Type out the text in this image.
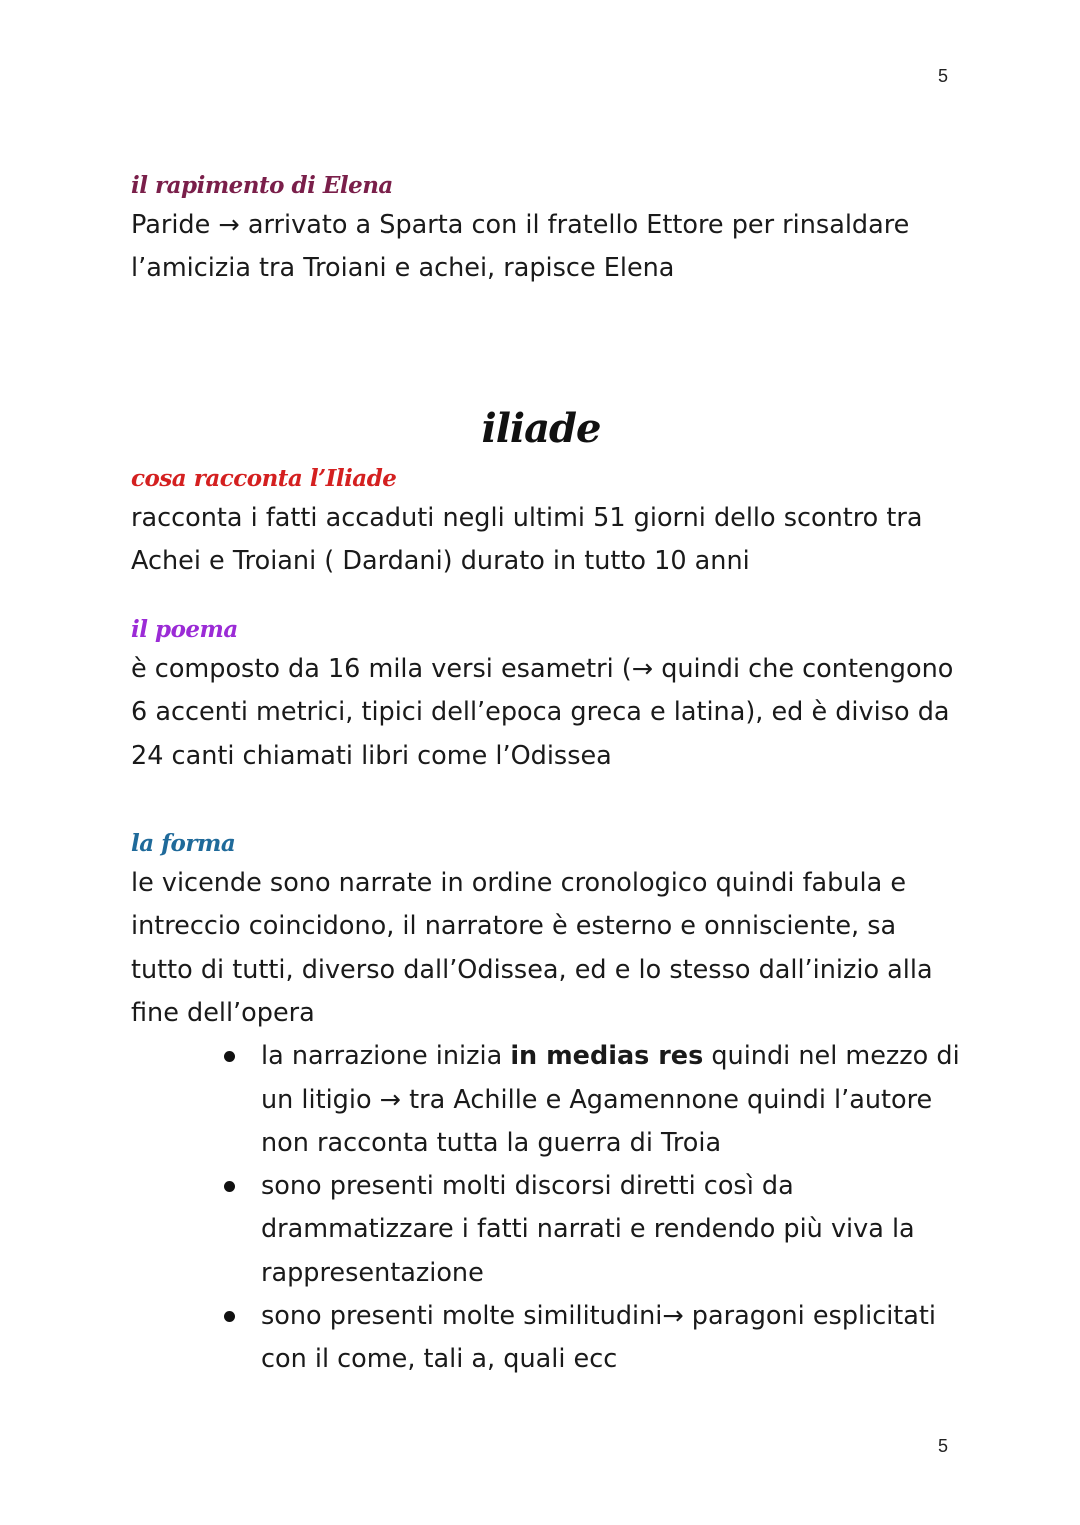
5

il rapimento di Elena

Paride → arrivato a Sparta con il fratello Ettore per rinsaldare

l’amicizia tra Troiani e achei, rapisce Elena

iliade

cosa racconta l’Iliade

racconta i fatti accaduti negli ultimi 51 giorni dello scontro tra

Achei e Troiani ( Dardani) durato in tutto 10 anni

il poema

è composto da 16 mila versi esametri (→ quindi che contengono

6 accenti metrici, tipici dell’epoca greca e latina), ed è diviso da

24 canti chiamati libri come l’Odissea

la forma

le vicende sono narrate in ordine cronologico quindi fabula e

intreccio coincidono, il narratore è esterno e onnisciente, sa

tutto di tutti, diverso dall’Odissea, ed e lo stesso dall’inizio alla

fine dell’opera

la narrazione inizia in medias res quindi nel mezzo di
un litigio → tra Achille e Agamennone quindi l’autore
non racconta tutta la guerra di Troia
sono presenti molti discorsi diretti così da
drammatizzare i fatti narrati e rendendo più viva la
rappresentazione
sono presenti molte similitudini→ paragoni esplicitati
con il come, tali a, quali ecc
5
